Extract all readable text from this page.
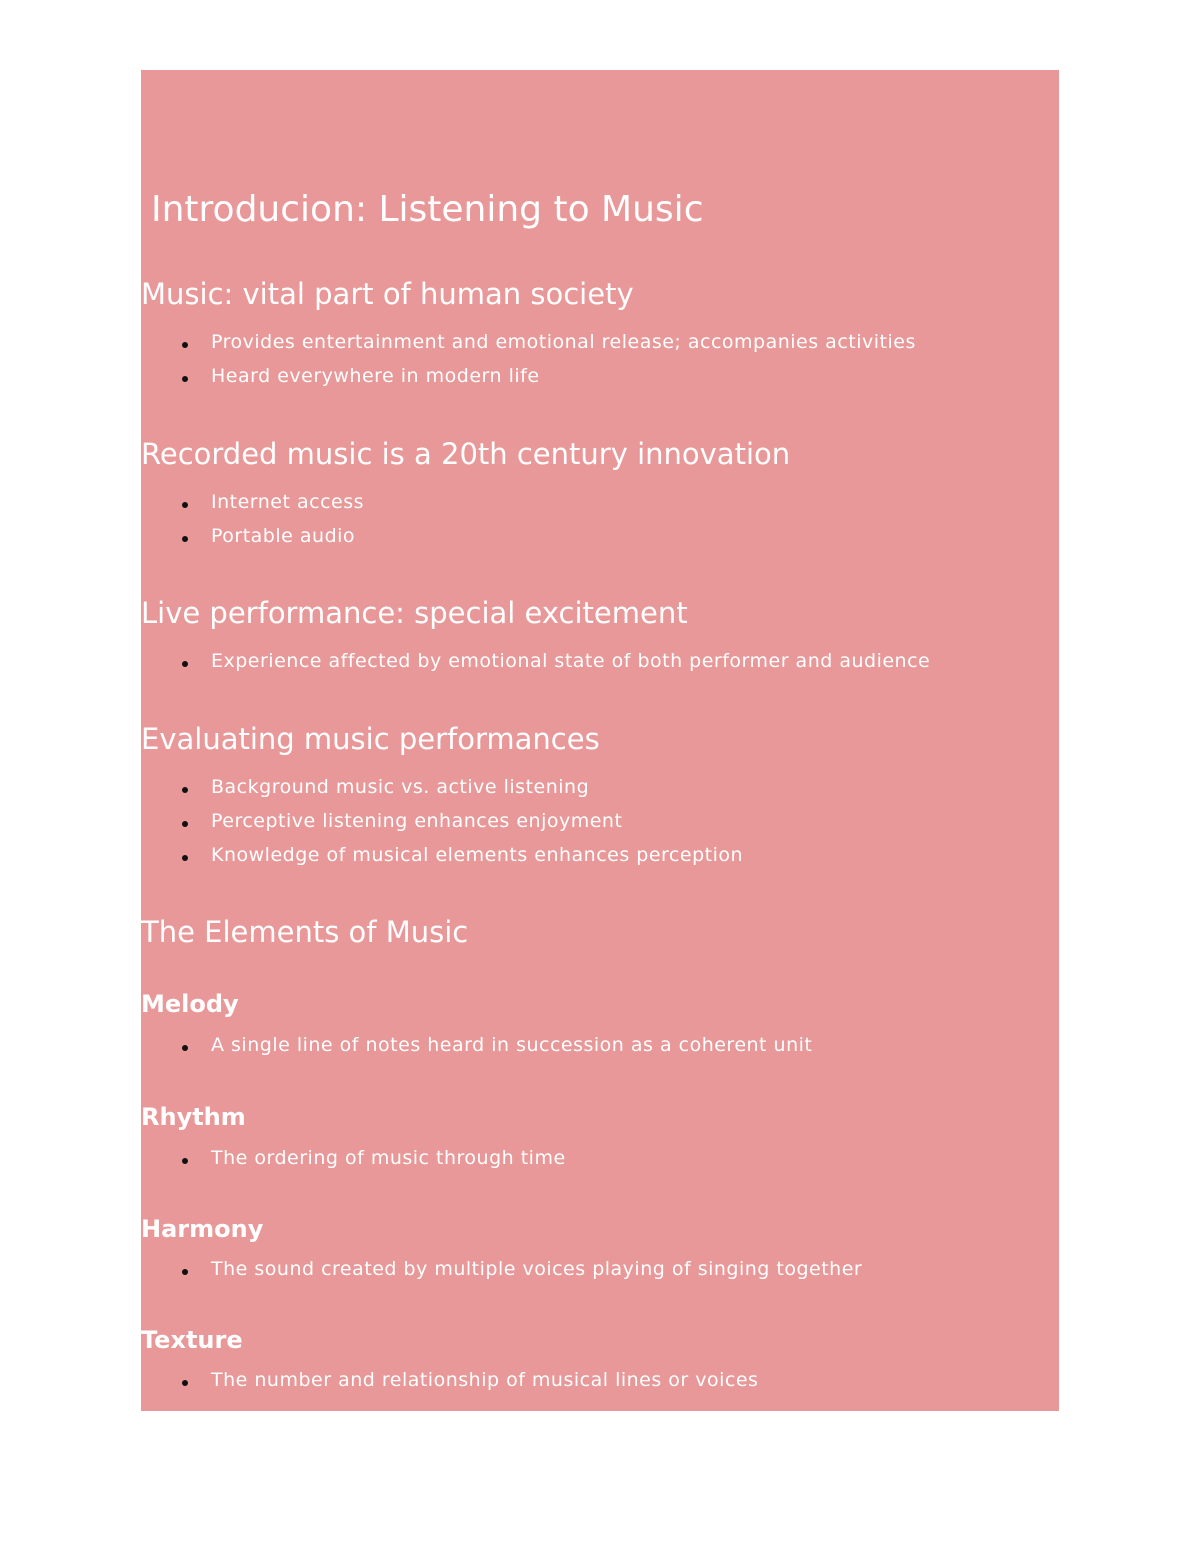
Introducion: Listening to Music
Music: vital part of human society

Provides entertainment and emotional release; accompanies activities

Heard everywhere in modern life

Recorded music is a 20th century innovation

Internet access

Portable audio

Live performance: special excitement

Experience affected by emotional state of both performer and audience

Evaluating music performances

Background music vs. active listening

Perceptive listening enhances enjoyment

Knowledge of musical elements enhances perception

The Elements of Music
Melody

A single line of notes heard in succession as a coherent unit

Rhythm

The ordering of music through time

Harmony

The sound created by multiple voices playing of singing together

Texture

The number and relationship of musical lines or voices
